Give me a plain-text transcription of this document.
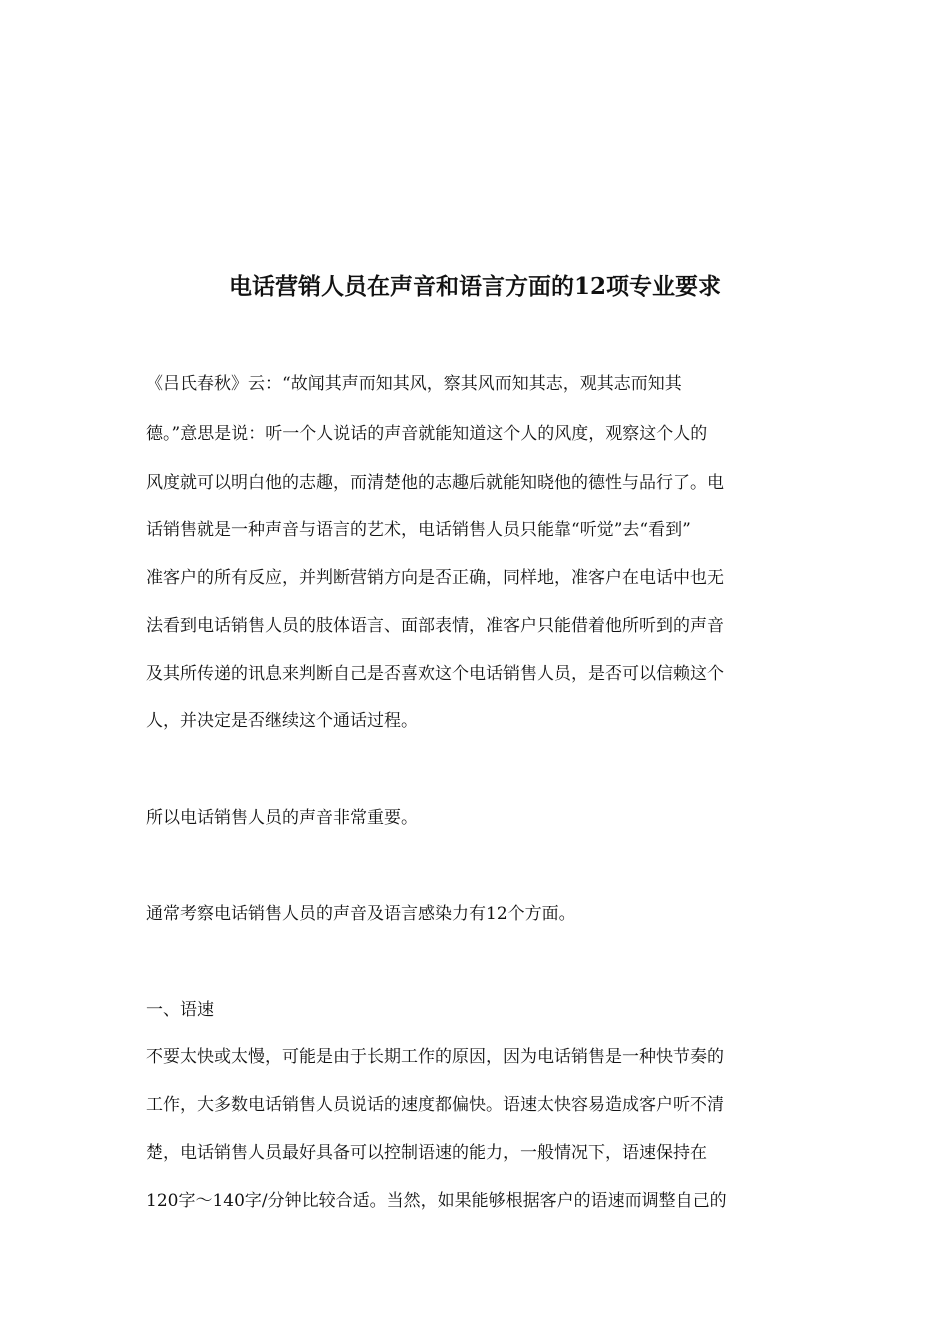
电话营销人员在声音和语言方面的12项专业要求

《吕氏春秋》云：“故闻其声而知其风，察其风而知其志，观其志而知其

德。”意思是说：听一个人说话的声音就能知道这个人的风度，观察这个人的

风度就可以明白他的志趣，而清楚他的志趣后就能知晓他的德性与品行了。电

话销售就是一种声音与语言的艺术，电话销售人员只能靠“听觉”去“看到”

准客户的所有反应，并判断营销方向是否正确，同样地，准客户在电话中也无

法看到电话销售人员的肢体语言、面部表情，准客户只能借着他所听到的声音

及其所传递的讯息来判断自己是否喜欢这个电话销售人员，是否可以信赖这个

人，并决定是否继续这个通话过程。

所以电话销售人员的声音非常重要。

通常考察电话销售人员的声音及语言感染力有12个方面。

一、语速

不要太快或太慢，可能是由于长期工作的原因，因为电话销售是一种快节奏的

工作，大多数电话销售人员说话的速度都偏快。语速太快容易造成客户听不清

楚，电话销售人员最好具备可以控制语速的能力，一般情况下，语速保持在

120字～140字/分钟比较合适。当然，如果能够根据客户的语速而调整自己的
